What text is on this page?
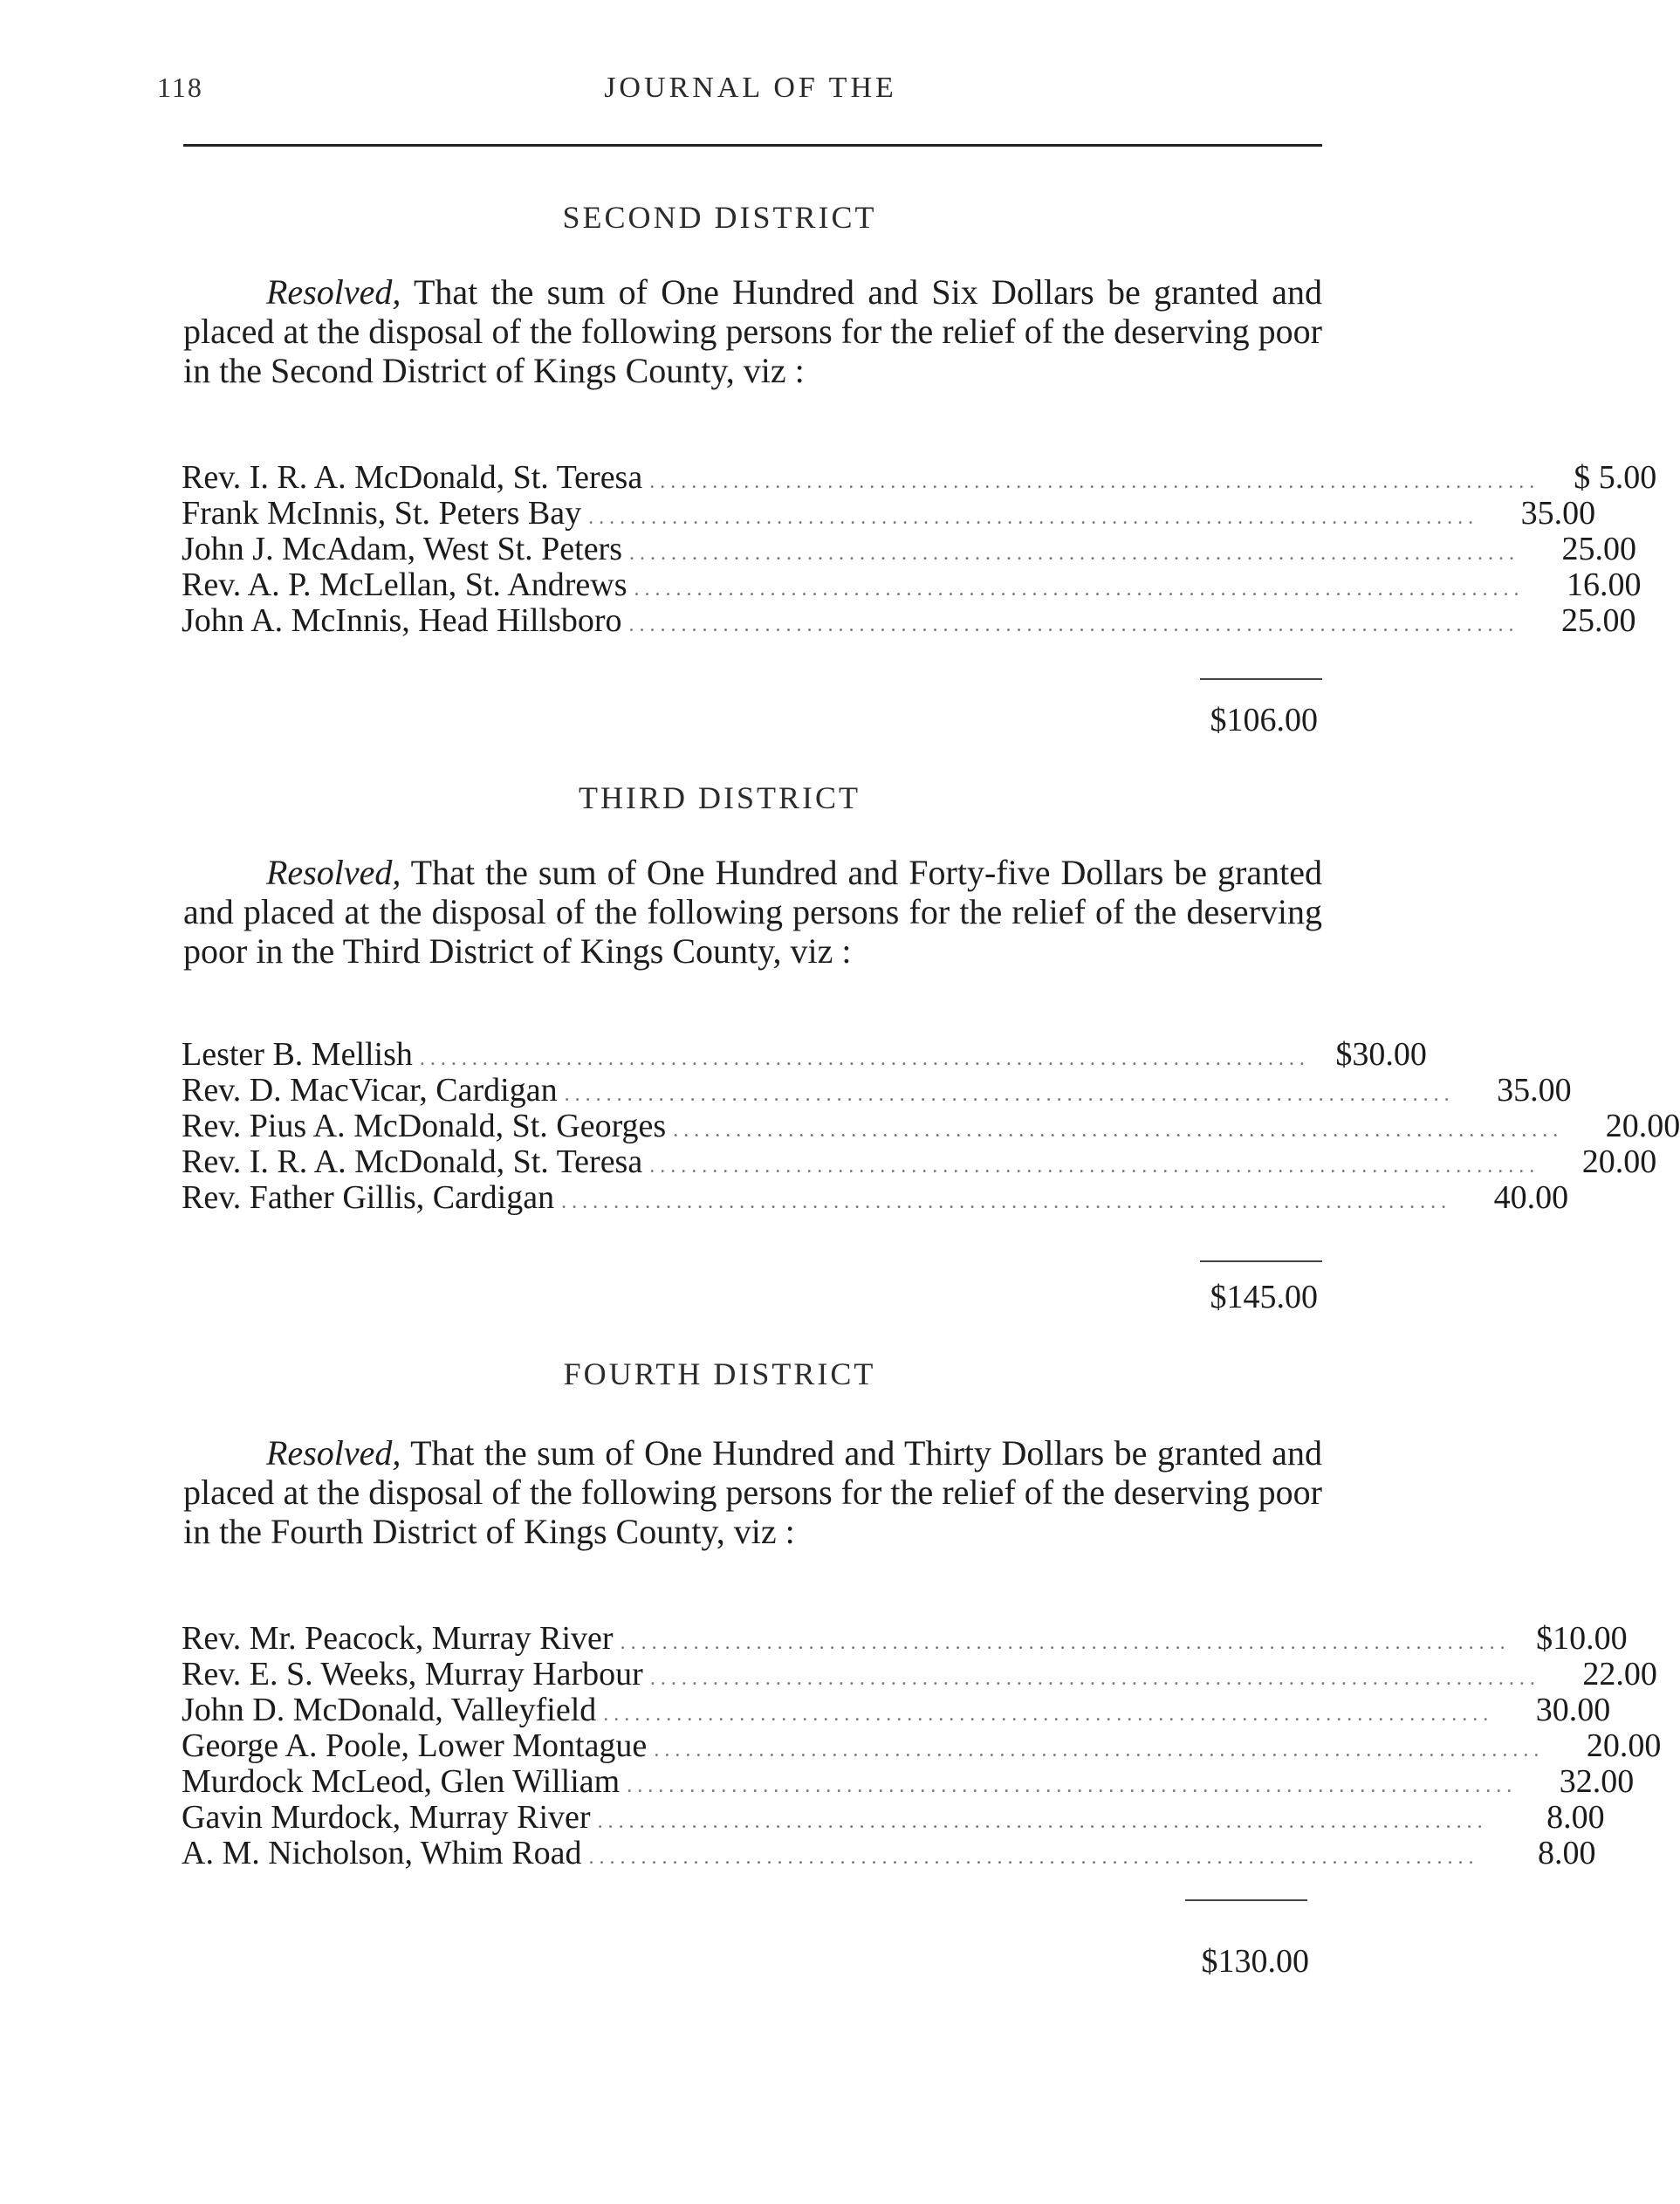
118	JOURNAL OF THE
SECOND DISTRICT
Resolved, That the sum of One Hundred and Six Dollars be granted and placed at the disposal of the following persons for the relief of the deserving poor in the Second District of Kings County, viz :
Rev. I. R. A. McDonald, St. Teresa .....................................................................................	$ 5.00
Frank McInnis, St. Peters Bay .....................................................................................	35.00
John J. McAdam, West St. Peters .....................................................................................	25.00
Rev. A. P. McLellan, St. Andrews .....................................................................................	16.00
John A. McInnis, Head Hillsboro .....................................................................................	25.00
$106.00
THIRD DISTRICT
Resolved, That the sum of One Hundred and Forty-five Dollars be granted and placed at the disposal of the following persons for the relief of the deserving poor in the Third District of Kings County, viz :
Lester B. Mellish ..................................................................................... $30.00
Rev. D. MacVicar, Cardigan .....................................................................................	35.00
Rev. Pius A. McDonald, St. Georges .....................................................................................	20.00
Rev. I. R. A. McDonald, St. Teresa .....................................................................................	20.00
Rev. Father Gillis, Cardigan .....................................................................................	40.00
$145.00
FOURTH DISTRICT
Resolved, That the sum of One Hundred and Thirty Dollars be granted and placed at the disposal of the following persons for the relief of the deserving poor in the Fourth District of Kings County, viz :
Rev. Mr. Peacock, Murray River ..................................................................................... $10.00
Rev. E. S. Weeks, Murray Harbour .....................................................................................	22.00
John D. McDonald, Valleyfield .....................................................................................	30.00
George A. Poole, Lower Montague .....................................................................................	20.00
Murdock McLeod, Glen William .....................................................................................	32.00
Gavin Murdock, Murray River .....................................................................................	8.00
A. M. Nicholson, Whim Road .....................................................................................	8.00
$130.00
